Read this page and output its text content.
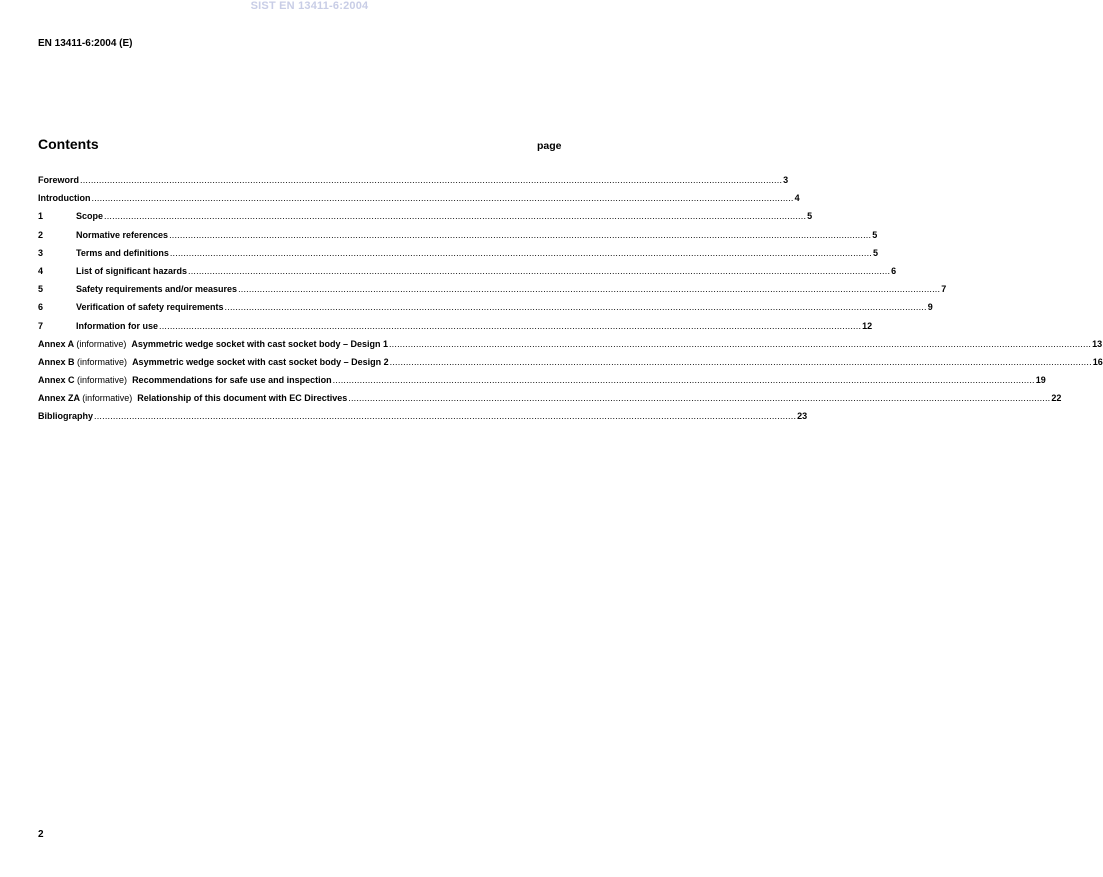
SIST EN 13411-6:2004
EN 13411-6:2004 (E)
Contents	page
Foreword .....	3
Introduction .....	4
1	Scope .....	5
2	Normative references .....	5
3	Terms and definitions .....	5
4	List of significant hazards .....	6
5	Safety requirements and/or measures .....	7
6	Verification of safety requirements .....	9
7	Information for use .....	12
Annex A (informative) Asymmetric wedge socket with cast socket body – Design 1 .....	13
Annex B (informative) Asymmetric wedge socket with cast socket body – Design 2 .....	16
Annex C (informative) Recommendations for safe use and inspection .....	19
Annex ZA (informative) Relationship of this document with EC Directives .....	22
Bibliography .....	23
2
